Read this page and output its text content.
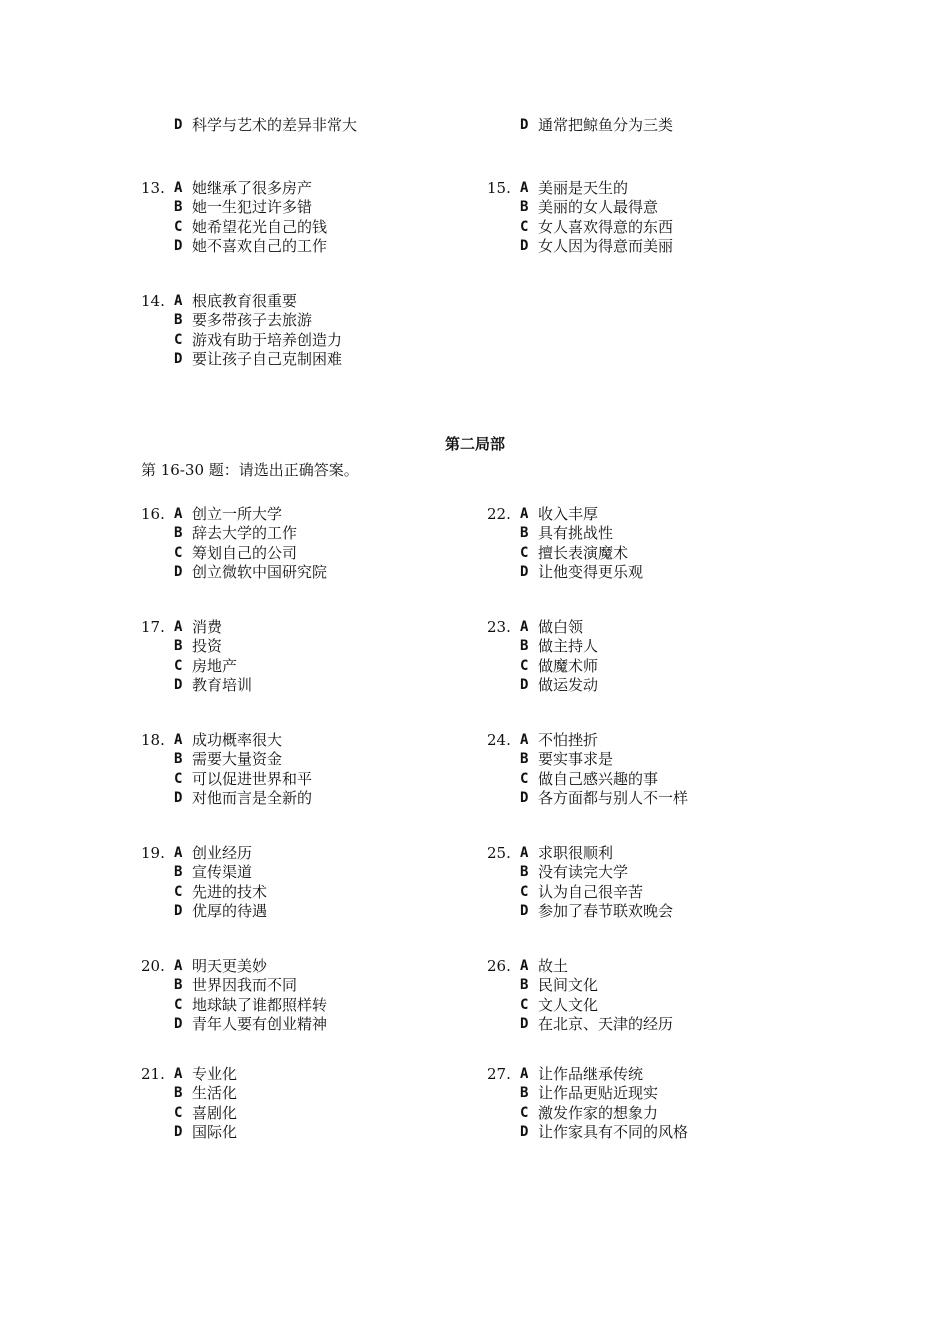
D 科学与艺术的差异非常大	D 通常把鲸鱼分为三类
13. A 她继承了很多房产
B 她一生犯过许多错
C 她希望花光自己的钱
D 她不喜欢自己的工作
15. A 美丽是天生的
B 美丽的女人最得意
C 女人喜欢得意的东西
D 女人因为得意而美丽
14. A 根底教育很重要
B 要多带孩子去旅游
C 游戏有助于培养创造力
D 要让孩子自己克制困难
第二局部
第 16-30 题：请选出正确答案。
16. A 创立一所大学
B 辞去大学的工作
C 筹划自己的公司
D 创立微软中国研究院
22. A 收入丰厚
B 具有挑战性
C 擅长表演魔术
D 让他变得更乐观
17. A 消费
B 投资
C 房地产
D 教育培训
23. A 做白领
B 做主持人
C 做魔术师
D 做运发动
18. A 成功概率很大
B 需要大量资金
C 可以促进世界和平
D 对他而言是全新的
24. A 不怕挫折
B 要实事求是
C 做自己感兴趣的事
D 各方面都与别人不一样
19. A 创业经历
B 宣传渠道
C 先进的技术
D 优厚的待遇
25. A 求职很顺利
B 没有读完大学
C 认为自己很辛苦
D 参加了春节联欢晚会
20. A 明天更美妙
B 世界因我而不同
C 地球缺了谁都照样转
D 青年人要有创业精神
26. A 故土
B 民间文化
C 文人文化
D 在北京、天津的经历
21. A 专业化
B 生活化
C 喜剧化
D 国际化
27. A 让作品继承传统
B 让作品更贴近现实
C 激发作家的想象力
D 让作家具有不同的风格
